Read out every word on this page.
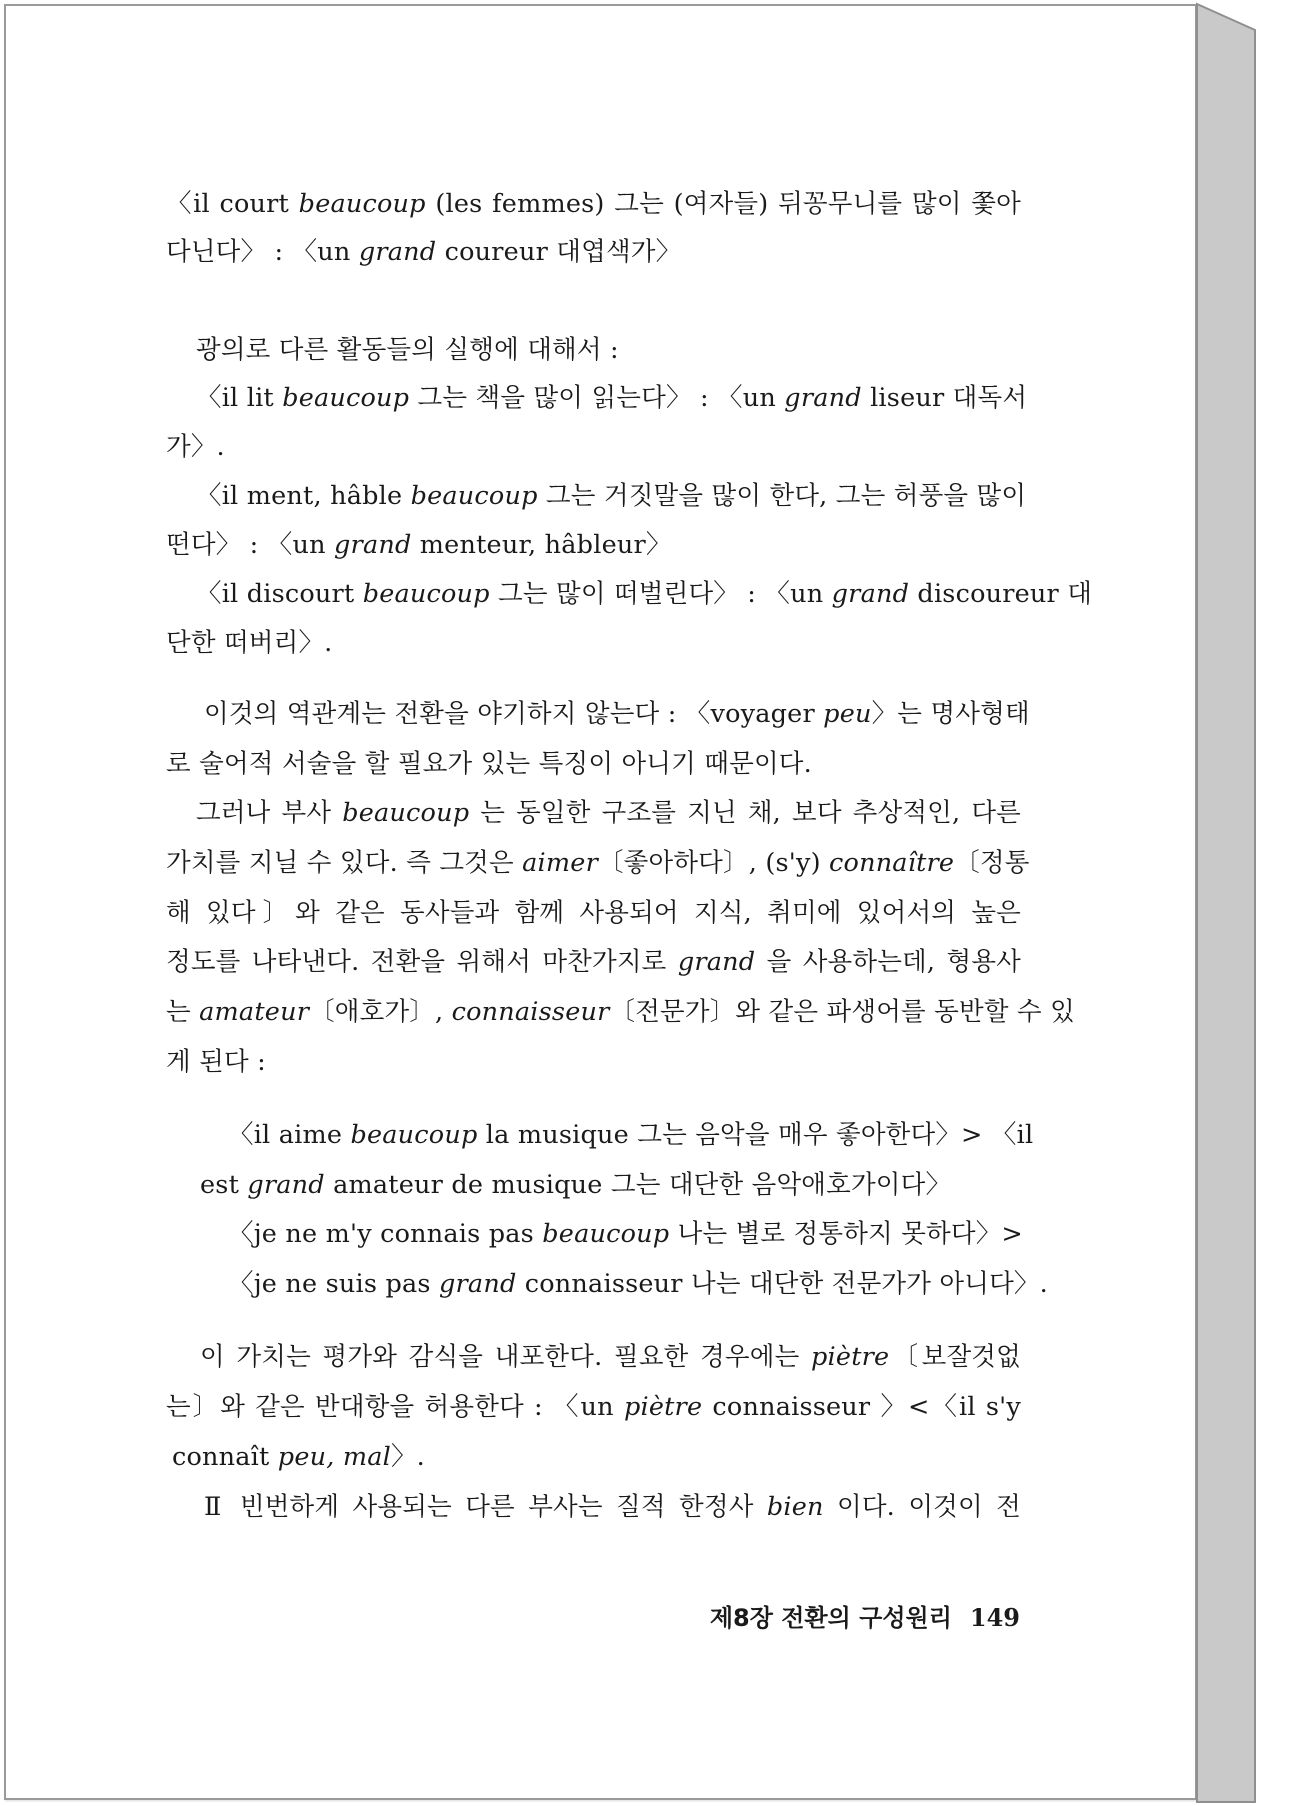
〈il court beaucoup (les femmes) 그는 (여자들) 뒤꽁무니를 많이 쫓아
다닌다〉 : 〈un grand coureur 대엽색가〉
광의로 다른 활동들의 실행에 대해서 :
〈il lit beaucoup 그는 책을 많이 읽는다〉 : 〈un grand liseur 대독서
가〉.
〈il ment, hâble beaucoup 그는 거짓말을 많이 한다, 그는 허풍을 많이
떤다〉 : 〈un grand menteur, hâbleur〉
〈il discourt beaucoup 그는 많이 떠벌린다〉 : 〈un grand discoureur 대
단한 떠버리〉.
이것의 역관계는 전환을 야기하지 않는다 : 〈voyager peu〉는 명사형태
로 술어적 서술을 할 필요가 있는 특징이 아니기 때문이다.
그러나 부사 beaucoup 는 동일한 구조를 지닌 채, 보다 추상적인, 다른
가치를 지닐 수 있다. 즉 그것은 aimer〔좋아하다〕, (s'y) connaître〔정통
해 있다〕와 같은 동사들과 함께 사용되어 지식, 취미에 있어서의 높은
정도를 나타낸다. 전환을 위해서 마찬가지로 grand 을 사용하는데, 형용사
는 amateur〔애호가〕, connaisseur〔전문가〕와 같은 파생어를 동반할 수 있
게 된다 :
〈il aime beaucoup la musique 그는 음악을 매우 좋아한다〉> 〈il
est grand amateur de musique 그는 대단한 음악애호가이다〉
〈je ne m'y connais pas beaucoup 나는 별로 정통하지 못하다〉>
〈je ne suis pas grand connaisseur 나는 대단한 전문가가 아니다〉.
이 가치는 평가와 감식을 내포한다. 필요한 경우에는 piètre〔보잘것없
는〕와 같은 반대항을 허용한다 : 〈un piètre connaisseur 〉<〈il s'y
connaît peu, mal〉.
Ⅱ 빈번하게 사용되는 다른 부사는 질적 한정사 bien 이다. 이것이 전
제8장 전환의 구성원리 149
